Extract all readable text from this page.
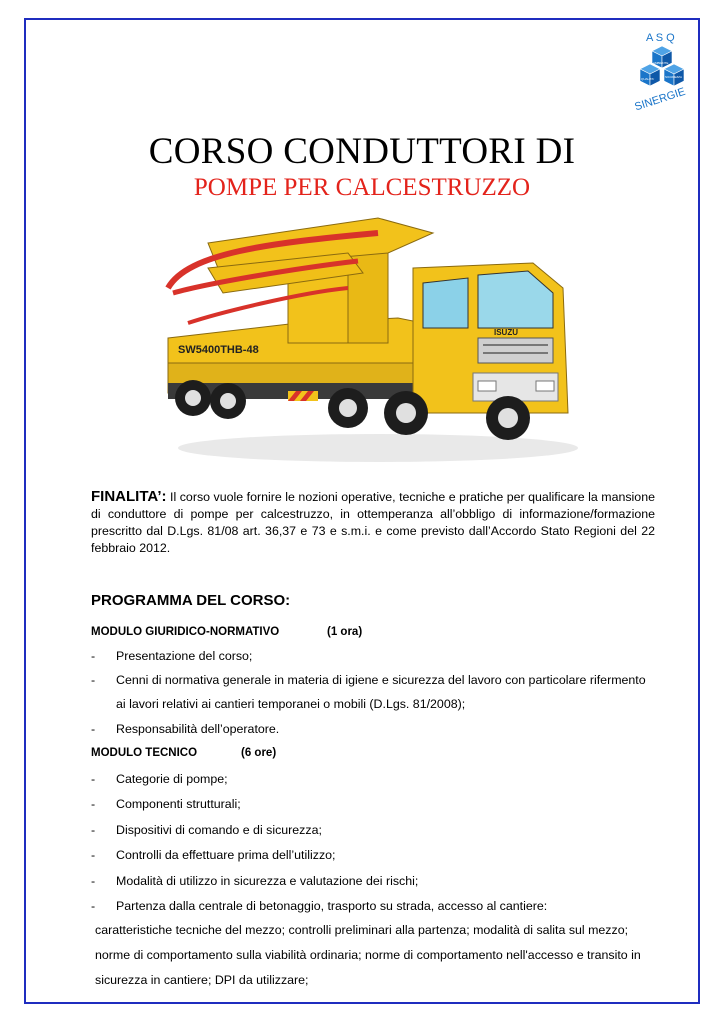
A S Q
AMBIENTE
SICUREZZA
QUALITA'
SINERGIE
CORSO CONDUTTORI DI
POMPE PER CALCESTRUZZO
SW5400THB-48
ISUZU
FINALITA’: Il corso vuole fornire le nozioni operative, tecniche e pratiche per qualificare la mansione di conduttore di pompe per calcestruzzo, in ottemperanza all’obbligo di informazione/formazione prescritto dal D.Lgs. 81/08 art. 36,37 e 73 e s.m.i. e come previsto dall’Accordo Stato Regioni del 22 febbraio 2012.
PROGRAMMA DEL CORSO:
MODULO GIURIDICO-NORMATIVO	(1 ora)
- Presentazione del corso;
- Cenni di normativa generale in materia di igiene e sicurezza del lavoro con particolare rifermento
ai lavori relativi ai cantieri temporanei o mobili (D.Lgs. 81/2008);
- Responsabilità dell’operatore.
MODULO TECNICO	(6 ore)
- Categorie di pompe;
- Componenti strutturali;
- Dispositivi di comando e di sicurezza;
- Controlli da effettuare prima dell’utilizzo;
- Modalità di utilizzo in sicurezza e valutazione dei rischi;
- Partenza dalla centrale di betonaggio, trasporto su strada, accesso al cantiere:
caratteristiche tecniche del mezzo; controlli preliminari alla partenza; modalità di salita sul mezzo;
norme di comportamento sulla viabilità ordinaria; norme di comportamento nell'accesso e transito in
sicurezza in cantiere; DPI da utilizzare;
